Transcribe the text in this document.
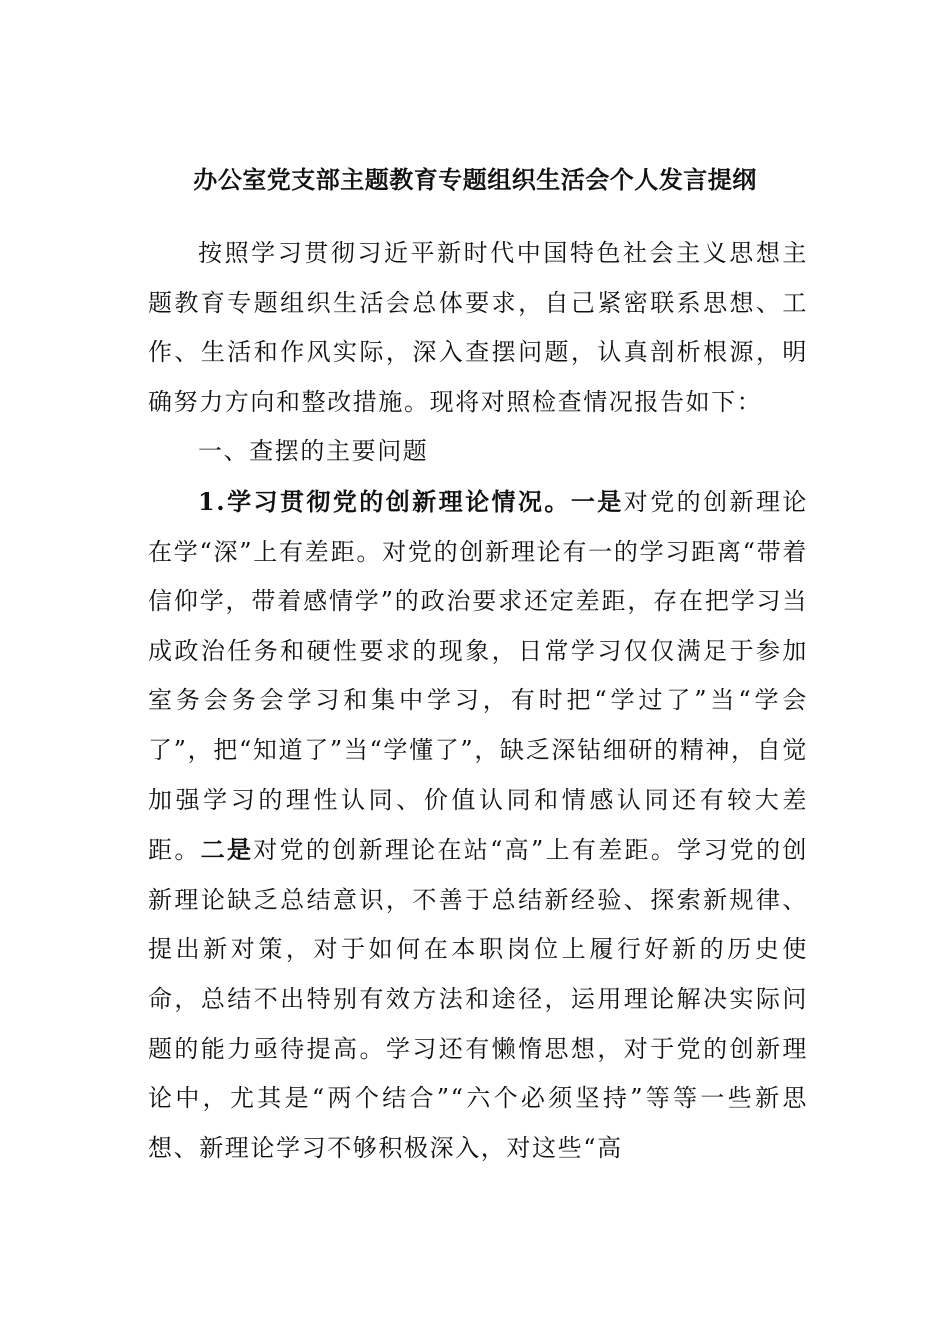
办公室党支部主题教育专题组织生活会个人发言提纲

按照学习贯彻习近平新时代中国特色社会主义思想主题教育专题组织生活会总体要求，自己紧密联系思想、工作、生活和作风实际，深入查摆问题，认真剖析根源，明确努力方向和整改措施。现将对照检查情况报告如下：

一、查摆的主要问题

1.学习贯彻党的创新理论情况。一是对党的创新理论在学“深”上有差距。对党的创新理论有一的学习距离“带着信仰学，带着感情学”的政治要求还定差距，存在把学习当成政治任务和硬性要求的现象，日常学习仅仅满足于参加室务会务会学习和集中学习，有时把“学过了”当“学会了”，把“知道了”当“学懂了”，缺乏深钻细研的精神，自觉加强学习的理性认同、价值认同和情感认同还有较大差距。二是对党的创新理论在站“高”上有差距。学习党的创新理论缺乏总结意识，不善于总结新经验、探索新规律、提出新对策，对于如何在本职岗位上履行好新的历史使命，总结不出特别有效方法和途径，运用理论解决实际问题的能力亟待提高。学习还有懒惰思想，对于党的创新理论中，尤其是“两个结合”“六个必须坚持”等等一些新思想、新理论学习不够积极深入，对这些“高
